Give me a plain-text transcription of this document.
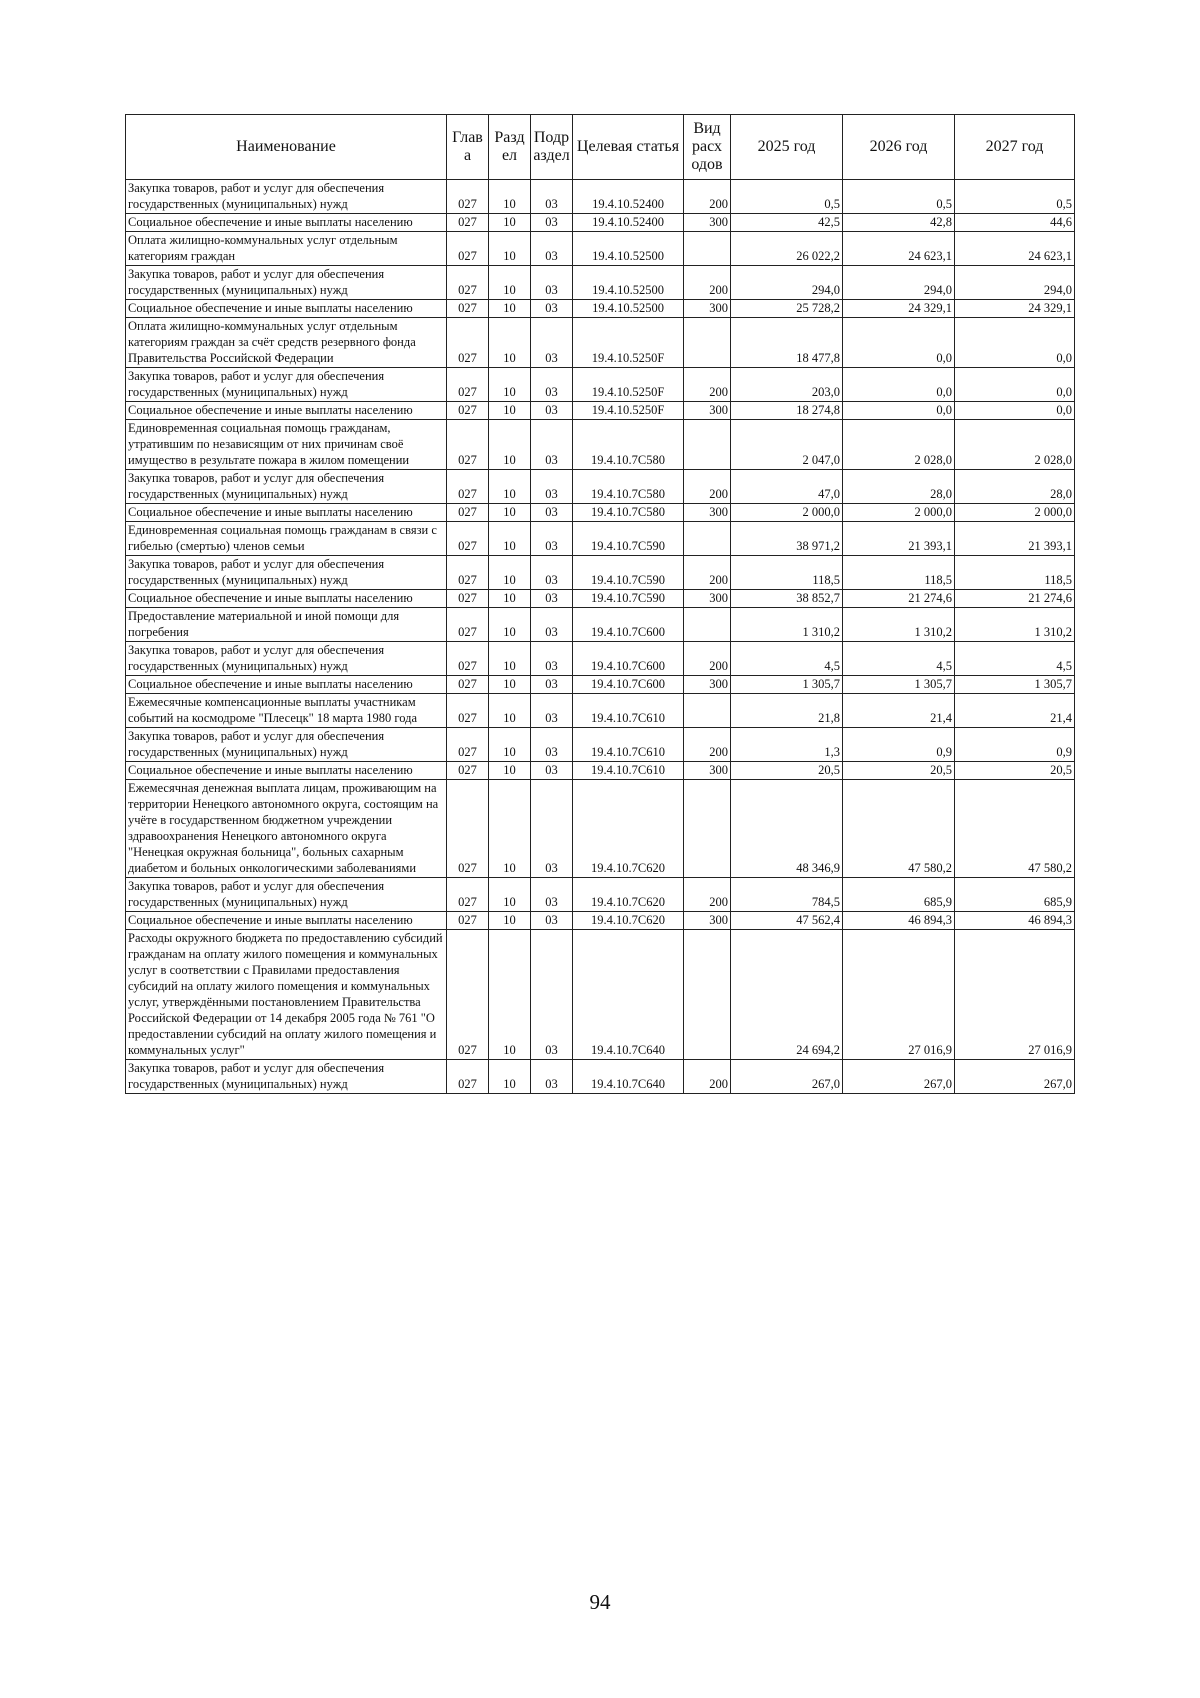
Наименование	Глав а	Разд ел	Подр аздел	Целевая статья	Вид расх одов	2025 год	2026 год	2027 год
Закупка товаров, работ и услуг для обеспечения государственных (муниципальных) нужд	027	10	03	19.4.10.52400	200	0,5	0,5	0,5
Социальное обеспечение и иные выплаты населению	027	10	03	19.4.10.52400	300	42,5	42,8	44,6
Оплата жилищно-коммунальных услуг отдельным категориям граждан	027	10	03	19.4.10.52500		26 022,2	24 623,1	24 623,1
Закупка товаров, работ и услуг для обеспечения государственных (муниципальных) нужд	027	10	03	19.4.10.52500	200	294,0	294,0	294,0
Социальное обеспечение и иные выплаты населению	027	10	03	19.4.10.52500	300	25 728,2	24 329,1	24 329,1
Оплата жилищно-коммунальных услуг отдельным категориям граждан за счёт средств резервного фонда Правительства Российской Федерации	027	10	03	19.4.10.5250F		18 477,8	0,0	0,0
Закупка товаров, работ и услуг для обеспечения государственных (муниципальных) нужд	027	10	03	19.4.10.5250F	200	203,0	0,0	0,0
Социальное обеспечение и иные выплаты населению	027	10	03	19.4.10.5250F	300	18 274,8	0,0	0,0
Единовременная социальная помощь гражданам, утратившим по независящим от них причинам своё имущество в результате пожара в жилом помещении	027	10	03	19.4.10.7C580		2 047,0	2 028,0	2 028,0
Закупка товаров, работ и услуг для обеспечения государственных (муниципальных) нужд	027	10	03	19.4.10.7C580	200	47,0	28,0	28,0
Социальное обеспечение и иные выплаты населению	027	10	03	19.4.10.7C580	300	2 000,0	2 000,0	2 000,0
Единовременная социальная помощь гражданам в связи с гибелью (смертью) членов семьи	027	10	03	19.4.10.7C590		38 971,2	21 393,1	21 393,1
Закупка товаров, работ и услуг для обеспечения государственных (муниципальных) нужд	027	10	03	19.4.10.7C590	200	118,5	118,5	118,5
Социальное обеспечение и иные выплаты населению	027	10	03	19.4.10.7C590	300	38 852,7	21 274,6	21 274,6
Предоставление материальной и иной помощи для погребения	027	10	03	19.4.10.7C600		1 310,2	1 310,2	1 310,2
Закупка товаров, работ и услуг для обеспечения государственных (муниципальных) нужд	027	10	03	19.4.10.7C600	200	4,5	4,5	4,5
Социальное обеспечение и иные выплаты населению	027	10	03	19.4.10.7C600	300	1 305,7	1 305,7	1 305,7
Ежемесячные компенсационные выплаты участникам событий на космодроме "Плесецк" 18 марта 1980 года	027	10	03	19.4.10.7C610		21,8	21,4	21,4
Закупка товаров, работ и услуг для обеспечения государственных (муниципальных) нужд	027	10	03	19.4.10.7C610	200	1,3	0,9	0,9
Социальное обеспечение и иные выплаты населению	027	10	03	19.4.10.7C610	300	20,5	20,5	20,5
Ежемесячная денежная выплата лицам, проживающим на территории Ненецкого автономного округа, состоящим на учёте в государственном бюджетном учреждении здравоохранения Ненецкого автономного округа "Ненецкая окружная больница", больных сахарным диабетом и больных онкологическими заболеваниями	027	10	03	19.4.10.7C620		48 346,9	47 580,2	47 580,2
Закупка товаров, работ и услуг для обеспечения государственных (муниципальных) нужд	027	10	03	19.4.10.7C620	200	784,5	685,9	685,9
Социальное обеспечение и иные выплаты населению	027	10	03	19.4.10.7C620	300	47 562,4	46 894,3	46 894,3
Расходы окружного бюджета по предоставлению субсидий гражданам на оплату жилого помещения и коммунальных услуг в соответствии с Правилами предоставления субсидий на оплату жилого помещения и коммунальных услуг, утверждёнными постановлением Правительства Российской Федерации от 14 декабря 2005 года № 761 "О предоставлении субсидий на оплату жилого помещения и коммунальных услуг"	027	10	03	19.4.10.7C640		24 694,2	27 016,9	27 016,9
Закупка товаров, работ и услуг для обеспечения государственных (муниципальных) нужд	027	10	03	19.4.10.7C640	200	267,0	267,0	267,0
94
